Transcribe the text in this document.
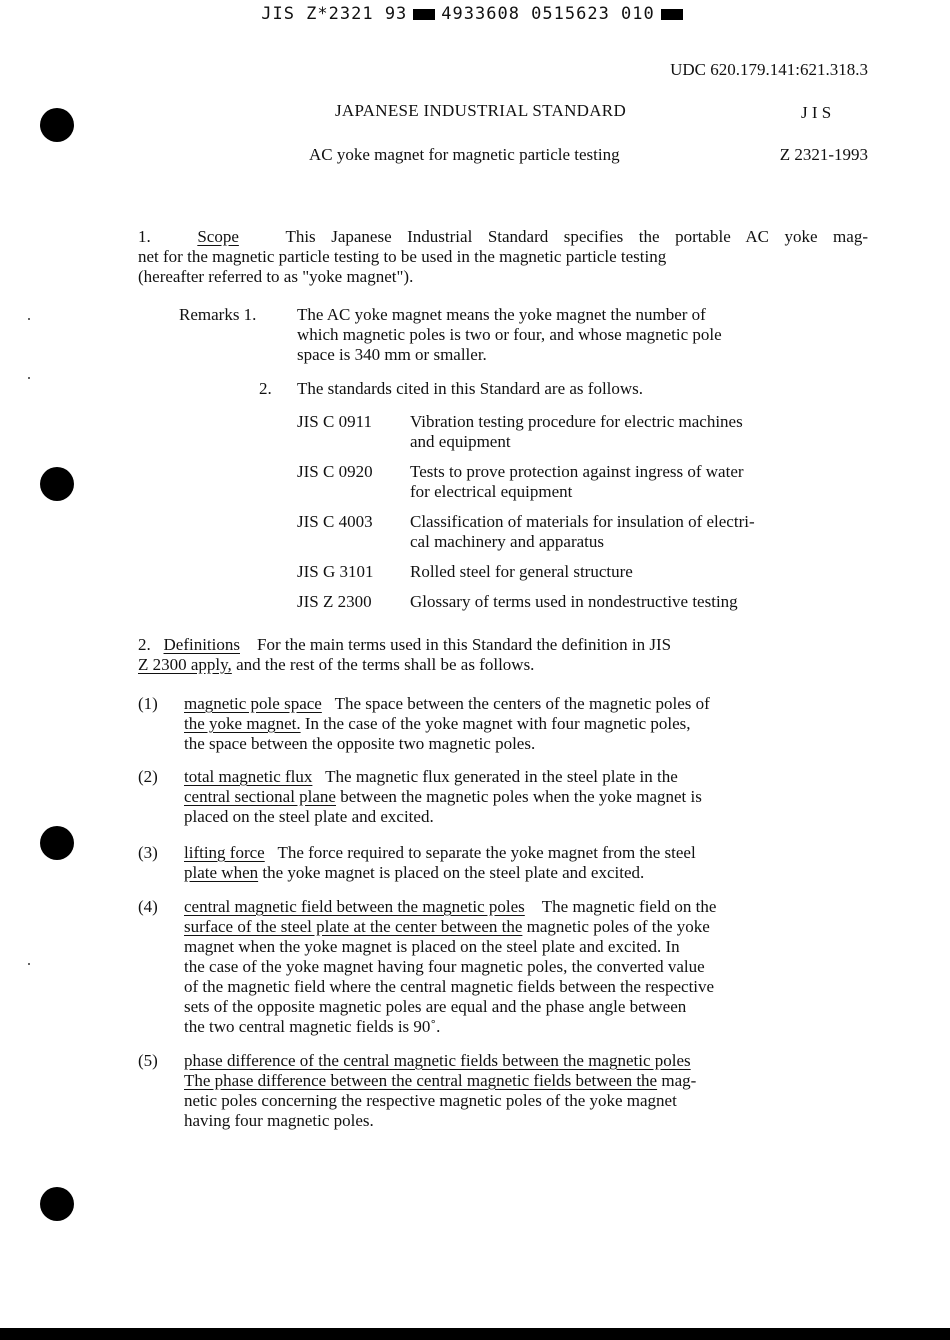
JIS Z*2321 93 4933608 0515623 010
UDC 620.179.141:621.318.3
JAPANESE INDUSTRIAL STANDARD	J I S
AC yoke magnet for magnetic particle testing	Z 2321-1993
1.	Scope	This Japanese Industrial Standard specifies the portable AC yoke mag-
net for the magnetic particle testing to be used in the magnetic particle testing
(hereafter referred to as "yoke magnet").
Remarks 1. The AC yoke magnet means the yoke magnet the number of
which magnetic poles is two or four, and whose magnetic pole
space is 340 mm or smaller.
2. The standards cited in this Standard are as follows.
JIS C 0911 Vibration testing procedure for electric machines
and equipment
JIS C 0920 Tests to prove protection against ingress of water
for electrical equipment
JIS C 4003 Classification of materials for insulation of electri-
cal machinery and apparatus
JIS G 3101 Rolled steel for general structure
JIS Z 2300 Glossary of terms used in nondestructive testing
2. Definitions For the main terms used in this Standard the definition in JIS
Z 2300 apply, and the rest of the terms shall be as follows.
(1) magnetic pole space The space between the centers of the magnetic poles of
the yoke magnet. In the case of the yoke magnet with four magnetic poles,
the space between the opposite two magnetic poles.
(2) total magnetic flux The magnetic flux generated in the steel plate in the
central sectional plane between the magnetic poles when the yoke magnet is
placed on the steel plate and excited.
(3) lifting force The force required to separate the yoke magnet from the steel
plate when the yoke magnet is placed on the steel plate and excited.
(4) central magnetic field between the magnetic poles The magnetic field on the
surface of the steel plate at the center between the magnetic poles of the yoke
magnet when the yoke magnet is placed on the steel plate and excited. In
the case of the yoke magnet having four magnetic poles, the converted value
of the magnetic field where the central magnetic fields between the respective
sets of the opposite magnetic poles are equal and the phase angle between
the two central magnetic fields is 90˚.
(5) phase difference of the central magnetic fields between the magnetic poles
The phase difference between the central magnetic fields between the mag-
netic poles concerning the respective magnetic poles of the yoke magnet
having four magnetic poles.
